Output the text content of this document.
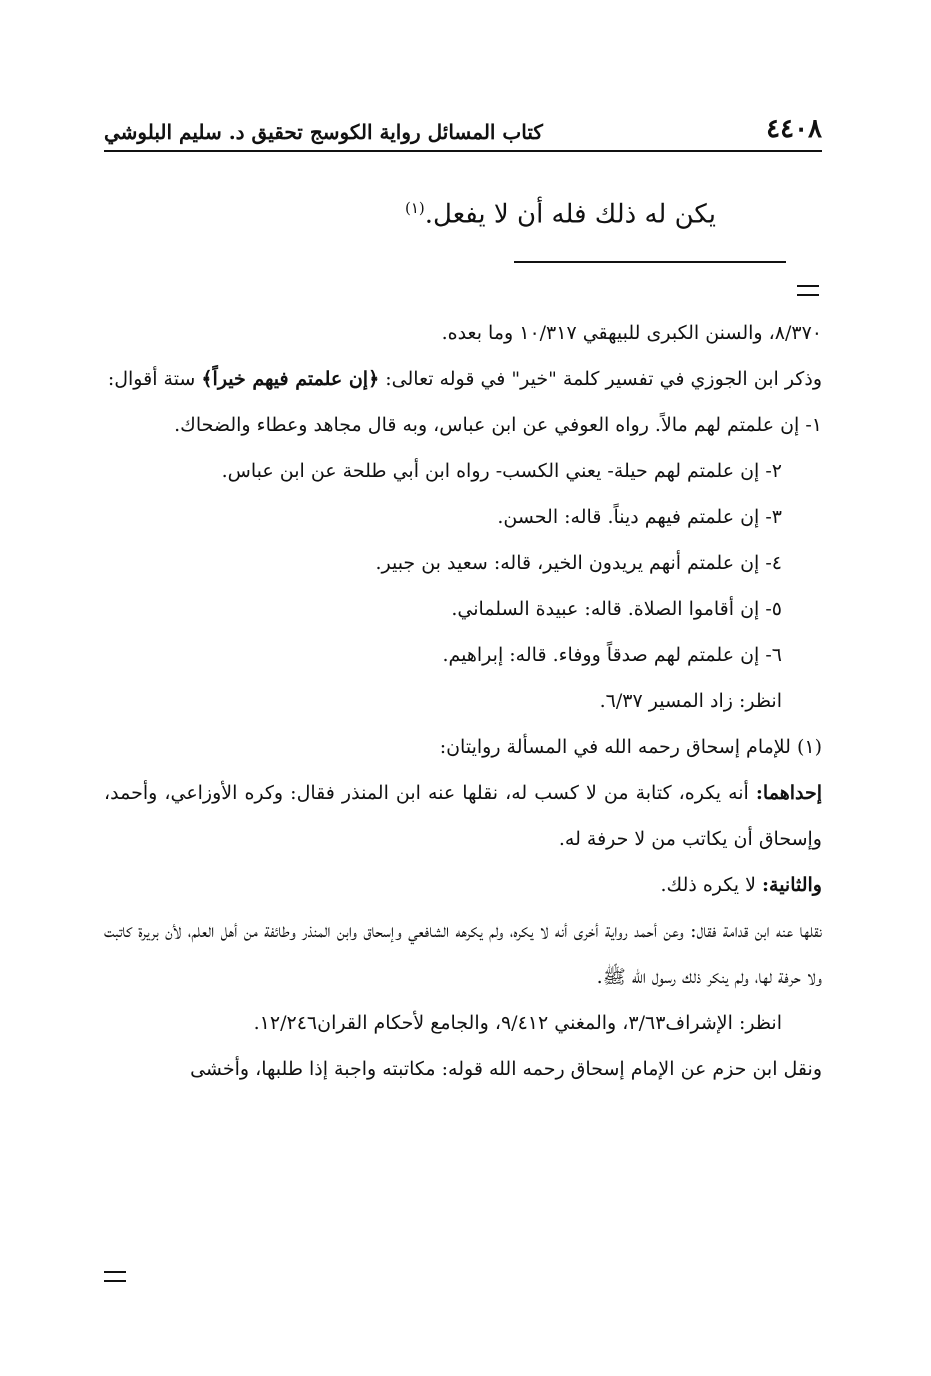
٤٤٠٨
كتاب المسائل رواية الكوسج تحقيق د. سليم البلوشي
يكن له ذلك فله أن لا يفعل.$^{(١)}$

٨/٣٧٠، والسنن الكبرى للبيهقي ١٠/٣١٧ وما بعده.

وذكر ابن الجوزي في تفسير كلمة "خير" في قوله تعالى: ﴿إن علمتم فيهم خيراً﴾ ستة أقوال:

١- إن علمتم لهم مالاً. رواه العوفي عن ابن عباس، وبه قال مجاهد وعطاء والضحاك.

٢- إن علمتم لهم حيلة- يعني الكسب- رواه ابن أبي طلحة عن ابن عباس.

٣- إن علمتم فيهم ديناً. قاله: الحسن.

٤- إن علمتم أنهم يريدون الخير، قاله: سعيد بن جبير.

٥- إن أقاموا الصلاة. قاله: عبيدة السلماني.

٦- إن علمتم لهم صدقاً ووفاء. قاله: إبراهيم.

انظر: زاد المسير ٦/٣٧.

(١) للإمام إسحاق رحمه الله في المسألة روايتان:

إحداهما: أنه يكره، كتابة من لا كسب له، نقلها عنه ابن المنذر فقال: وكره الأوزاعي، وأحمد، وإسحاق أن يكاتب من لا حرفة له.

والثانية: لا يكره ذلك.

نقلها عنه ابن قدامة فقال: وعن أحمد رواية أخرى أنه لا يكره، ولم يكرهه الشافعي وإسحاق وابن المنذر وطائفة من أهل العلم، لأن بريرة كاتبت ولا حرفة لها، ولم ينكر ذلك رسول الله ﷺ.

انظر: الإشراف٣/٦٣، والمغني ٩/٤١٢، والجامع لأحكام القران١٢/٢٤٦.

ونقل ابن حزم عن الإمام إسحاق رحمه الله قوله: مكاتبته واجبة إذا طلبها، وأخشى
